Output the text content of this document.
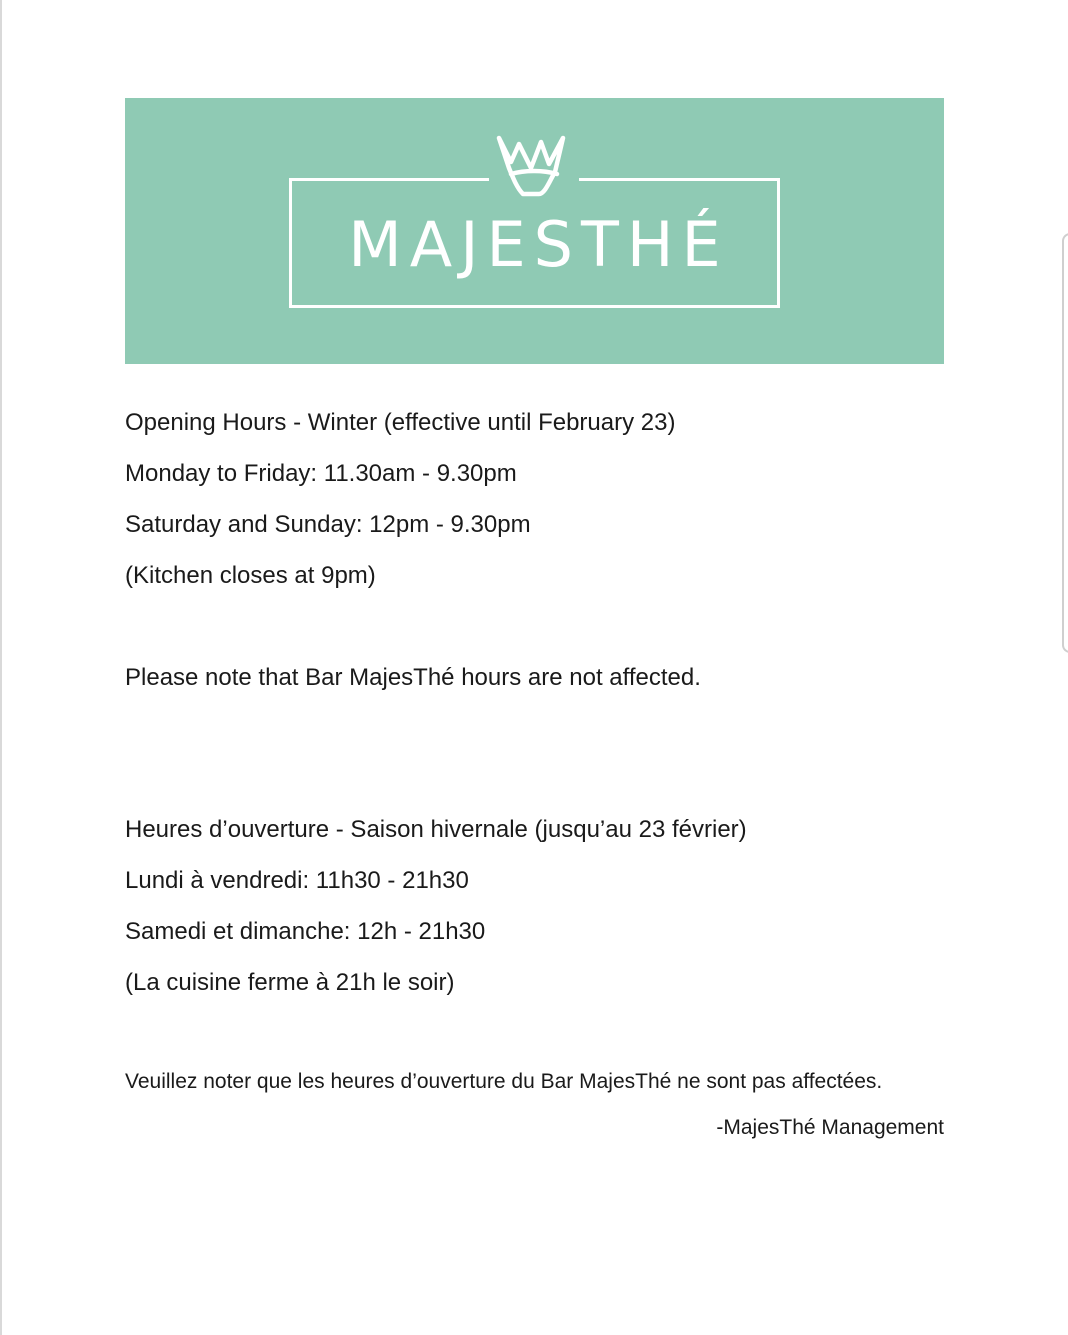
MAJESTHÉ
Opening Hours - Winter (effective until February 23)
Monday to Friday: 11.30am - 9.30pm
Saturday and Sunday: 12pm - 9.30pm
(Kitchen closes at 9pm)
Please note that Bar MajesThé hours are not affected.
Heures d’ouverture - Saison hivernale (jusqu’au 23 février)
Lundi à vendredi: 11h30 - 21h30
Samedi et dimanche: 12h - 21h30
(La cuisine ferme à 21h le soir)
Veuillez noter que les heures d’ouverture du Bar MajesThé ne sont pas affectées.
-MajesThé Management
